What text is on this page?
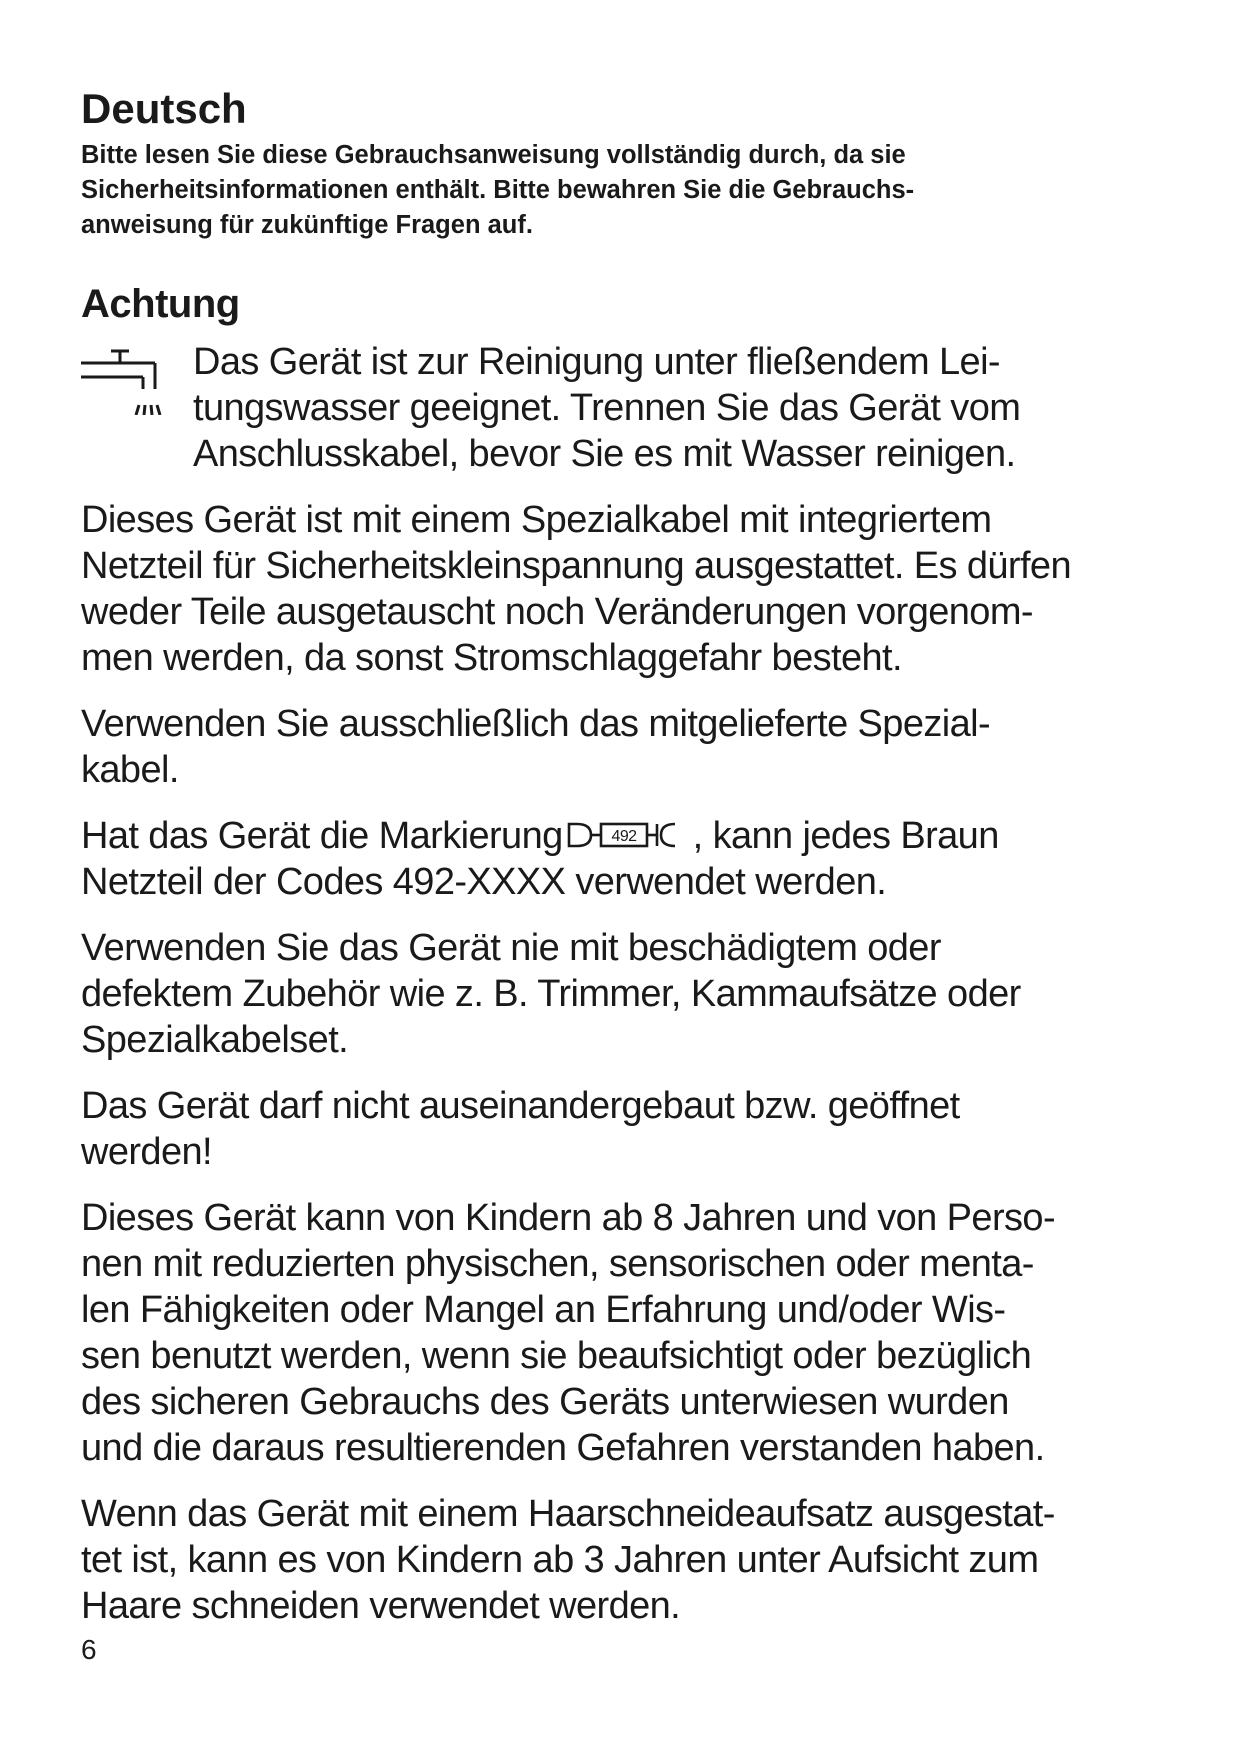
Deutsch

Bitte lesen Sie diese Gebrauchsanweisung vollständig durch, da sie
Sicherheitsinformationen enthält. Bitte bewahren Sie die Gebrauchs-
anweisung für zukünftige Fragen auf.

Achtung
Das Gerät ist zur Reinigung unter fließendem Lei-
tungswasser geeignet. Trennen Sie das Gerät vom
Anschlusskabel, bevor Sie es mit Wasser reinigen.
Dieses Gerät ist mit einem Spezialkabel mit integriertem
Netzteil für Sicherheitskleinspannung ausgestattet. Es dürfen
weder Teile ausgetauscht noch Veränderungen vorgenom-
men werden, da sonst Stromschlaggefahr besteht.
Verwenden Sie ausschließlich das mitgelieferte Spezial-
kabel.
Hat das Gerät die Markierung	492 , kann jedes Braun
Netzteil der Codes 492-XXXX verwendet werden.
Verwenden Sie das Gerät nie mit beschädigtem oder
defektem Zubehör wie z. B. Trimmer, Kammaufsätze oder
Spezialkabelset.
Das Gerät darf nicht auseinandergebaut bzw. geöffnet
werden!
Dieses Gerät kann von Kindern ab 8 Jahren und von Perso-
nen mit reduzierten physischen, sensorischen oder menta-
len Fähigkeiten oder Mangel an Erfahrung und/oder Wis-
sen benutzt werden, wenn sie beaufsichtigt oder bezüglich
des sicheren Gebrauchs des Geräts unterwiesen wurden
und die daraus resultierenden Gefahren verstanden haben.
Wenn das Gerät mit einem Haarschneideaufsatz ausgestat-
tet ist, kann es von Kindern ab 3 Jahren unter Aufsicht zum
Haare schneiden verwendet werden.
6
